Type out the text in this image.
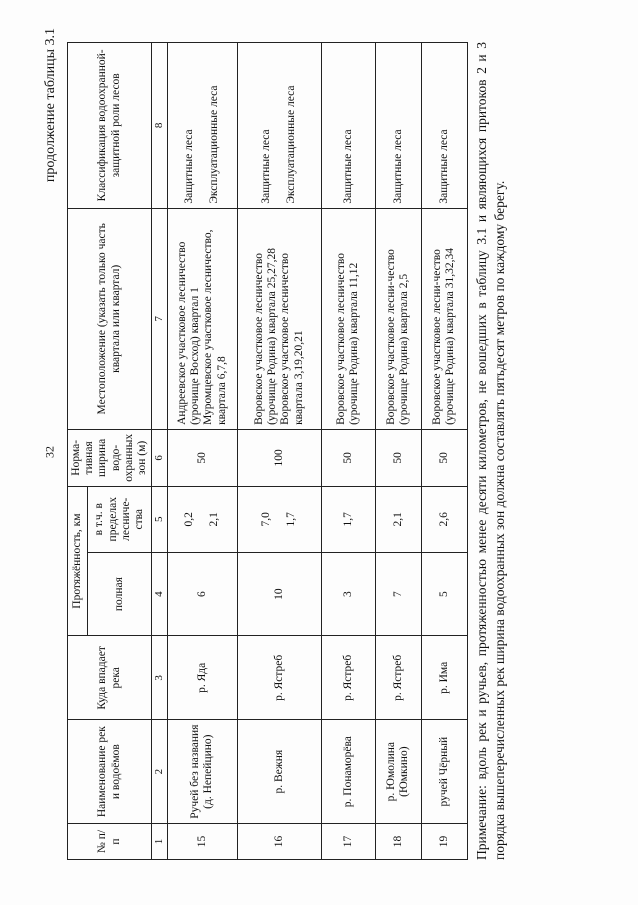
32
продолжение таблицы 3.1
№ п/п	Наименование рек и водоёмов	Куда впадает река	Протяжённость, км		Норма-тивная ширина водо-охранных зон (м)	Местоположение (указать только часть квартала или квартал)	Классификация водоохранной-защитной роли лесов
			полная	в т.ч. в пределах лесниче-ства			
1	2	3	4	5	6	7	8
15	Ручей без названия (д. Непейцино)	р. Яда	6	0,2 2,1	50	Андреевское участковое лесничество (урочище Восход) квартал 1 Муромцевское участковое лесничество, квартала 6,7,8	Защитные леса Эксплуатационные леса

16	р. Вежня	р. Ястреб	10	7,0 1,7	100	Воровское участковое лесничество (урочище Родина) квартала 25,27,28 Воровское участковое лесничество квартала 3,19,20,21	Защитные леса Эксплуатационные леса

17	р. Понаморёва	р. Ястреб	3	1,7	50	Воровское участковое лесничество (урочище Родина) квартала 11,12	Защитные леса
18	р. Юмолина (Юмкино)	р. Ястреб	7	2,1	50	Воровское участковое лесни-чество (урочище Родина) квартала 2,5	Защитные леса
19	ручей Чёрный	р. Има	5	2,6	50	Воровское участковое лесни-чество (урочище Родина) квартала 31,32,34	Защитные леса Примечание: вдоль рек и ручьев, протяженностью менее десяти километров, не вошедших в таблицу 3.1 и являющихся притоков 2 и 3 порядка вышеперечисленных рек ширина водоохранных зон должна составлять пятьдесят метров по каждому берегу.
